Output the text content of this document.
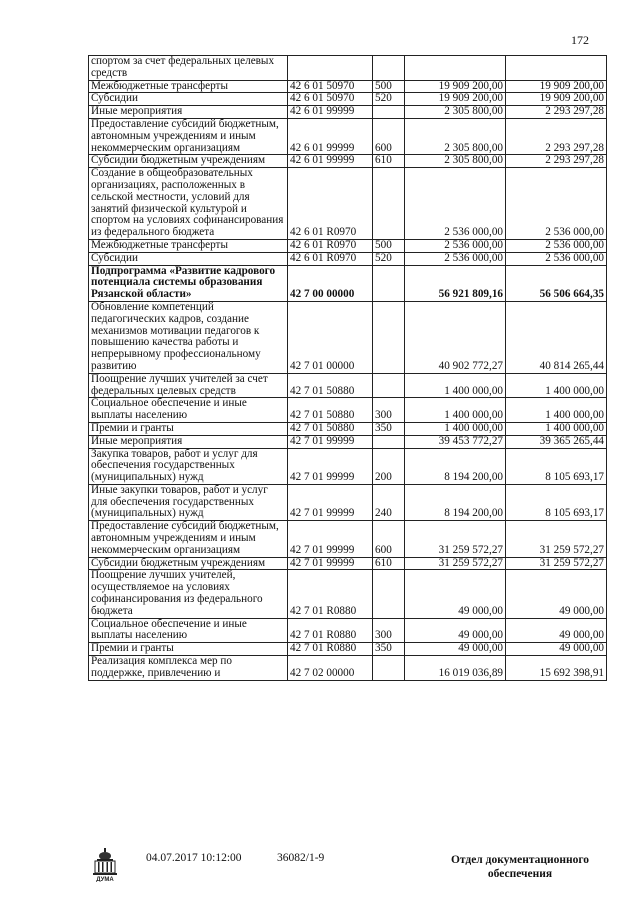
172
спортом за счет федеральных целевых средств				
Межбюджетные трансферты	42 6 01 50970	500	19 909 200,00	19 909 200,00
Субсидии	42 6 01 50970	520	19 909 200,00	19 909 200,00
Иные мероприятия	42 6 01 99999		2 305 800,00	2 293 297,28
Предоставление субсидий бюджетным, автономным учреждениям и иным некоммерческим организациям	42 6 01 99999	600	2 305 800,00	2 293 297,28
Субсидии бюджетным учреждениям	42 6 01 99999	610	2 305 800,00	2 293 297,28
Создание в общеобразовательных организациях, расположенных в сельской местности, условий для занятий физической культурой и спортом на условиях софинансирования из федерального бюджета	42 6 01 R0970		2 536 000,00	2 536 000,00
Межбюджетные трансферты	42 6 01 R0970	500	2 536 000,00	2 536 000,00
Субсидии	42 6 01 R0970	520	2 536 000,00	2 536 000,00
Подпрограмма «Развитие кадрового потенциала системы образования Рязанской области»	42 7 00 00000		56 921 809,16	56 506 664,35
Обновление компетенций педагогических кадров, создание механизмов мотивации педагогов к повышению качества работы и непрерывному профессиональному развитию	42 7 01 00000		40 902 772,27	40 814 265,44
Поощрение лучших учителей за счет федеральных целевых средств	42 7 01 50880		1 400 000,00	1 400 000,00
Социальное обеспечение и иные выплаты населению	42 7 01 50880	300	1 400 000,00	1 400 000,00
Премии и гранты	42 7 01 50880	350	1 400 000,00	1 400 000,00
Иные мероприятия	42 7 01 99999		39 453 772,27	39 365 265,44
Закупка товаров, работ и услуг для обеспечения государственных (муниципальных) нужд	42 7 01 99999	200	8 194 200,00	8 105 693,17
Иные закупки товаров, работ и услуг для обеспечения государственных (муниципальных) нужд	42 7 01 99999	240	8 194 200,00	8 105 693,17
Предоставление субсидий бюджетным, автономным учреждениям и иным некоммерческим организациям	42 7 01 99999	600	31 259 572,27	31 259 572,27
Субсидии бюджетным учреждениям	42 7 01 99999	610	31 259 572,27	31 259 572,27
Поощрение лучших учителей, осуществляемое на условиях софинансирования из федерального бюджета	42 7 01 R0880		49 000,00	49 000,00
Социальное обеспечение и иные выплаты населению	42 7 01 R0880	300	49 000,00	49 000,00
Премии и гранты	42 7 01 R0880	350	49 000,00	49 000,00
Реализация комплекса мер по поддержке, привлечению и	42 7 02 00000		16 019 036,89	15 692 398,91
ДУМА
04.07.2017 10:12:00	36082/1-9	Отдел документационного
обеспечения
